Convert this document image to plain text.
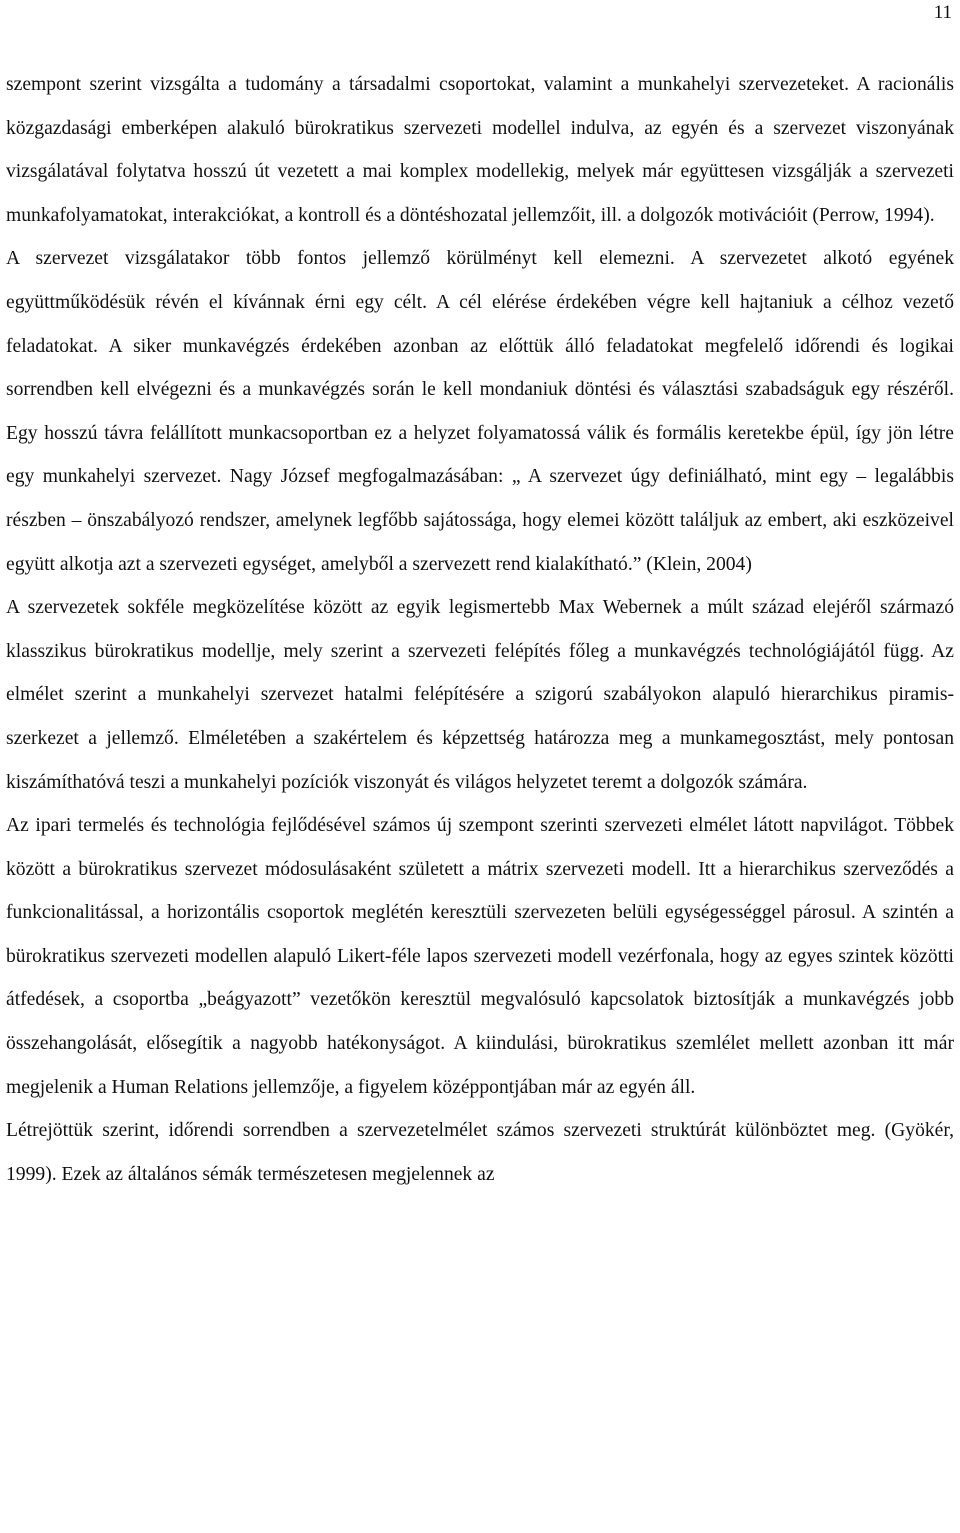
11

szempont szerint vizsgálta a tudomány a társadalmi csoportokat, valamint a munkahelyi szervezeteket. A racionális közgazdasági emberképen alakuló bürokratikus szervezeti modellel indulva, az egyén és a szervezet viszonyának vizsgálatával folytatva hosszú út vezetett a mai komplex modellekig, melyek már együttesen vizsgálják a szervezeti munkafolyamatokat, interakciókat, a kontroll és a döntéshozatal jellemzőit, ill. a dolgozók motivációit (Perrow, 1994).

A szervezet vizsgálatakor több fontos jellemző körülményt kell elemezni. A szervezetet alkotó egyének együttműködésük révén el kívánnak érni egy célt. A cél elérése érdekében végre kell hajtaniuk a célhoz vezető feladatokat. A siker munkavégzés érdekében azonban az előttük álló feladatokat megfelelő időrendi és logikai sorrendben kell elvégezni és a munkavégzés során le kell mondaniuk döntési és választási szabadságuk egy részéről. Egy hosszú távra felállított munkacsoportban ez a helyzet folyamatossá válik és formális keretekbe épül, így jön létre egy munkahelyi szervezet. Nagy József megfogalmazásában: „ A szervezet úgy definiálható, mint egy – legalábbis részben – önszabályozó rendszer, amelynek legfőbb sajátossága, hogy elemei között találjuk az embert, aki eszközeivel együtt alkotja azt a szervezeti egységet, amelyből a szervezett rend kialakítható.” (Klein, 2004)

A szervezetek sokféle megközelítése között az egyik legismertebb Max Webernek a múlt század elejéről származó klasszikus bürokratikus modellje, mely szerint a szervezeti felépítés főleg a munkavégzés technológiájától függ. Az elmélet szerint a munkahelyi szervezet hatalmi felépítésére a szigorú szabályokon alapuló hierarchikus piramis-szerkezet a jellemző. Elméletében a szakértelem és képzettség határozza meg a munkamegosztást, mely pontosan kiszámíthatóvá teszi a munkahelyi pozíciók viszonyát és világos helyzetet teremt a dolgozók számára.

Az ipari termelés és technológia fejlődésével számos új szempont szerinti szervezeti elmélet látott napvilágot. Többek között a bürokratikus szervezet módosulásaként született a mátrix szervezeti modell. Itt a hierarchikus szerveződés a funkcionalitással, a horizontális csoportok meglétén keresztüli szervezeten belüli egységességgel párosul. A szintén a bürokratikus szervezeti modellen alapuló Likert-féle lapos szervezeti modell vezérfonala, hogy az egyes szintek közötti átfedések, a csoportba „beágyazott” vezetőkön keresztül megvalósuló kapcsolatok biztosítják a munkavégzés jobb összehangolását, elősegítik a nagyobb hatékonyságot. A kiindulási, bürokratikus szemlélet mellett azonban itt már megjelenik a Human Relations jellemzője, a figyelem középpontjában már az egyén áll.

Létrejöttük szerint, időrendi sorrendben a szervezetelmélet számos szervezeti struktúrát különböztet meg. (Gyökér, 1999). Ezek az általános sémák természetesen megjelennek az
